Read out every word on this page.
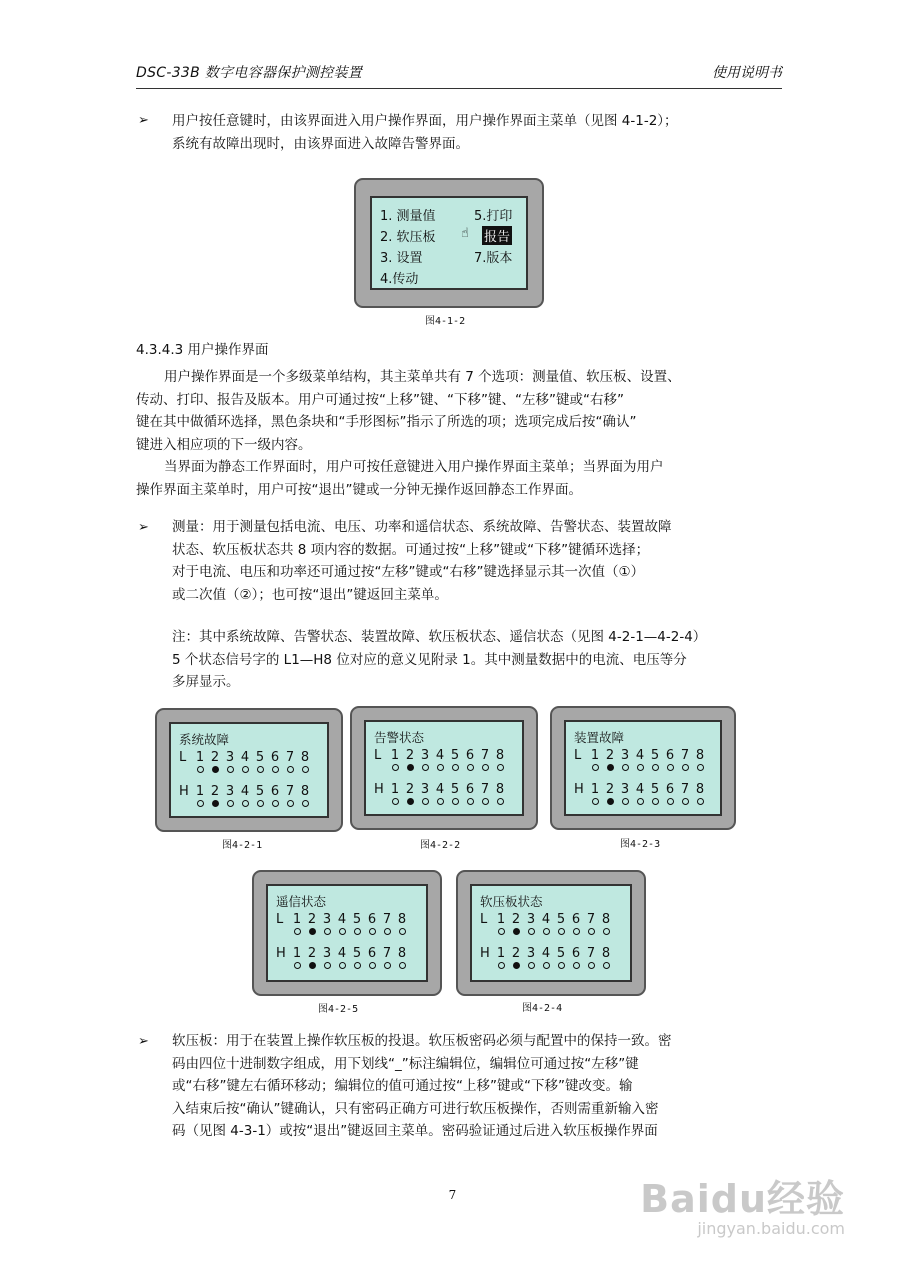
DSC-33B 数字电容器保护测控装置	使用说明书
➢ 用户按任意键时，由该界面进入用户操作界面，用户操作界面主菜单（见图 4-1-2）；
系统有故障出现时，由该界面进入故障告警界面。
1. 测量值
2. 软压板
3. 设置
4.传动
5.打印
☝ 报告
7.版本
图4-1-2
4.3.4.3 用户操作界面
用户操作界面是一个多级菜单结构，其主菜单共有 7 个选项：测量值、软压板、设置、
传动、打印、报告及版本。用户可通过按“上移”键、“下移”键、“左移”键或“右移”
键在其中做循环选择，黑色条块和“手形图标”指示了所选的项；选项完成后按“确认”
键进入相应项的下一级内容。
当界面为静态工作界面时，用户可按任意键进入用户操作界面主菜单；当界面为用户
操作界面主菜单时，用户可按“退出”键或一分钟无操作返回静态工作界面。
➢ 测量：用于测量包括电流、电压、功率和遥信状态、系统故障、告警状态、装置故障
状态、软压板状态共 8 项内容的数据。可通过按“上移”键或“下移”键循环选择；
对于电流、电压和功率还可通过按“左移”键或“右移”键选择显示其一次值（①）
或二次值（②）；也可按“退出”键返回主菜单。
注：其中系统故障、告警状态、装置故障、软压板状态、遥信状态（见图 4-2-1—4-2-4）
5 个状态信号字的 L1—H8 位对应的意义见附录 1。其中测量数据中的电流、电压等分
多屏显示。
系统故障
L 1 2 3 4 5 6 7 8
H 1 2 3 4 5 6 7 8
图4-2-1
告警状态
L 1 2 3 4 5 6 7 8
H 1 2 3 4 5 6 7 8
图4-2-2
装置故障
L 1 2 3 4 5 6 7 8
H 1 2 3 4 5 6 7 8
图4-2-3
遥信状态
L 1 2 3 4 5 6 7 8
H 1 2 3 4 5 6 7 8
图4-2-5
软压板状态
L 1 2 3 4 5 6 7 8
H 1 2 3 4 5 6 7 8
图4-2-4
➢ 软压板：用于在装置上操作软压板的投退。软压板密码必须与配置中的保持一致。密
码由四位十进制数字组成，用下划线“_”标注编辑位，编辑位可通过按“左移”键
或“右移”键左右循环移动；编辑位的值可通过按“上移”键或“下移”键改变。输
入结束后按“确认”键确认，只有密码正确方可进行软压板操作，否则需重新输入密
码（见图 4-3-1）或按“退出”键返回主菜单。密码验证通过后进入软压板操作界面
7	Baidu经验
jingyan.baidu.com
